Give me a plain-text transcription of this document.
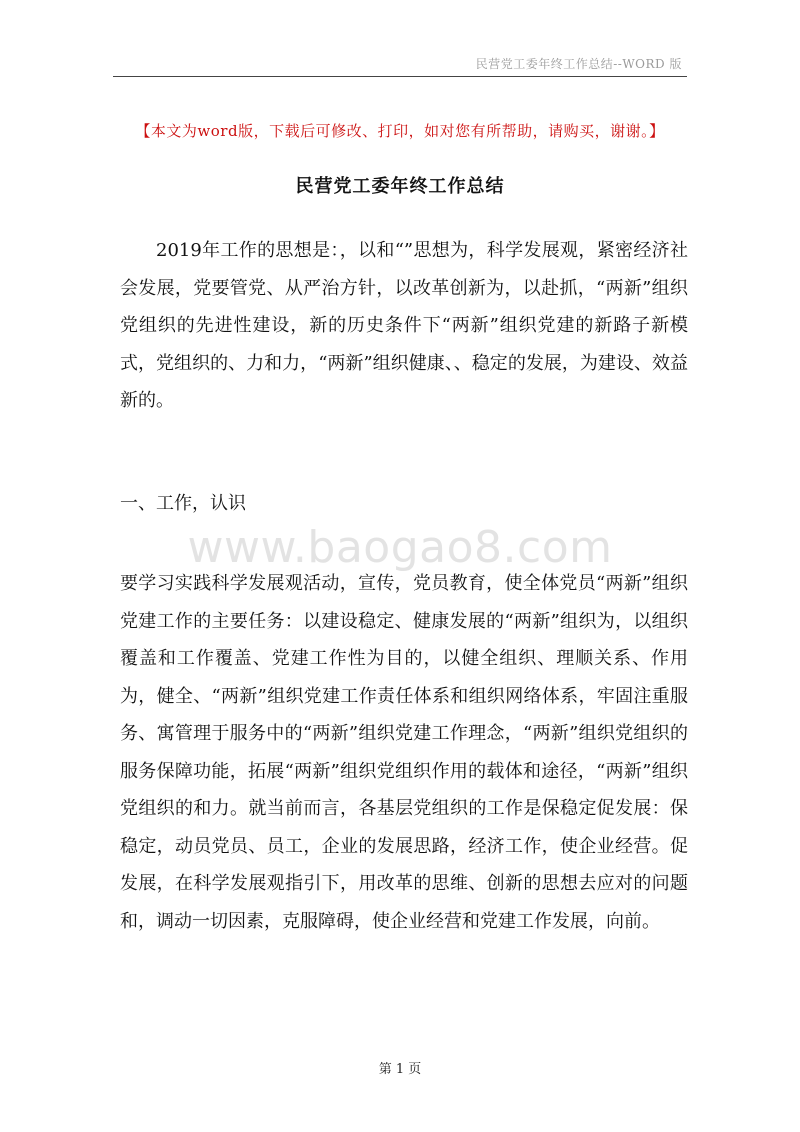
民营党工委年终工作总结--WORD 版
【本文为word版，下载后可修改、打印，如对您有所帮助，请购买，谢谢。】
民营党工委年终工作总结

2019年工作的思想是：，以和“”思想为，科学发展观，紧密经济社会发展，党要管党、从严治方针，以改革创新为，以赴抓，“两新”组织党组织的先进性建设，新的历史条件下“两新”组织党建的新路子新模式，党组织的、力和力，“两新”组织健康、、稳定的发展，为建设、效益新的。

一、工作，认识

www.baogao8.com

要学习实践科学发展观活动，宣传，党员教育，使全体党员“两新”组织党建工作的主要任务：以建设稳定、健康发展的“两新”组织为，以组织覆盖和工作覆盖、党建工作性为目的，以健全组织、理顺关系、作用为，健全、“两新”组织党建工作责任体系和组织网络体系，牢固注重服务、寓管理于服务中的“两新”组织党建工作理念，“两新”组织党组织的服务保障功能，拓展“两新”组织党组织作用的载体和途径，“两新”组织党组织的和力。就当前而言，各基层党组织的工作是保稳定促发展：保稳定，动员党员、员工，企业的发展思路，经济工作，使企业经营。促发展，在科学发展观指引下，用改革的思维、创新的思想去应对的问题和，调动一切因素，克服障碍，使企业经营和党建工作发展，向前。

第 1 页
